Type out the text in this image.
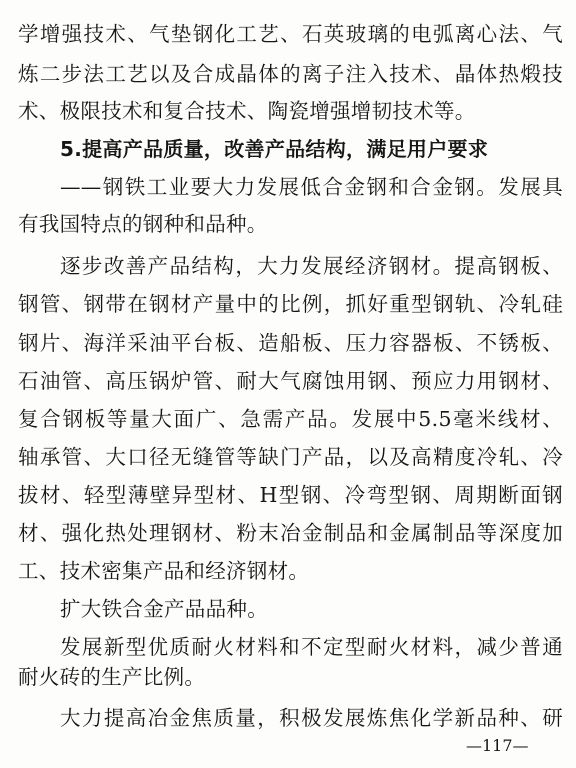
学增强技术、气垫钢化工艺、石英玻璃的电弧离心法、气
炼二步法工艺以及合成晶体的离子注入技术、晶体热煅技
术、极限技术和复合技术、陶瓷增强增韧技术等。
5.提高产品质量，改善产品结构，满足用户要求
——钢铁工业要大力发展低合金钢和合金钢。发展具
有我国特点的钢种和品种。
逐步改善产品结构，大力发展经济钢材。提高钢板、
钢管、钢带在钢材产量中的比例，抓好重型钢轨、冷轧硅
钢片、海洋采油平台板、造船板、压力容器板、不锈板、
石油管、高压锅炉管、耐大气腐蚀用钢、预应力用钢材、
复合钢板等量大面广、急需产品。发展中5.5毫米线材、
轴承管、大口径无缝管等缺门产品，以及高精度冷轧、冷
拔材、轻型薄壁异型材、H型钢、冷弯型钢、周期断面钢
材、强化热处理钢材、粉末冶金制品和金属制品等深度加
工、技术密集产品和经济钢材。
扩大铁合金产品品种。
发展新型优质耐火材料和不定型耐火材料，减少普通
耐火砖的生产比例。
大力提高冶金焦质量，积极发展炼焦化学新品种、研
—117—
